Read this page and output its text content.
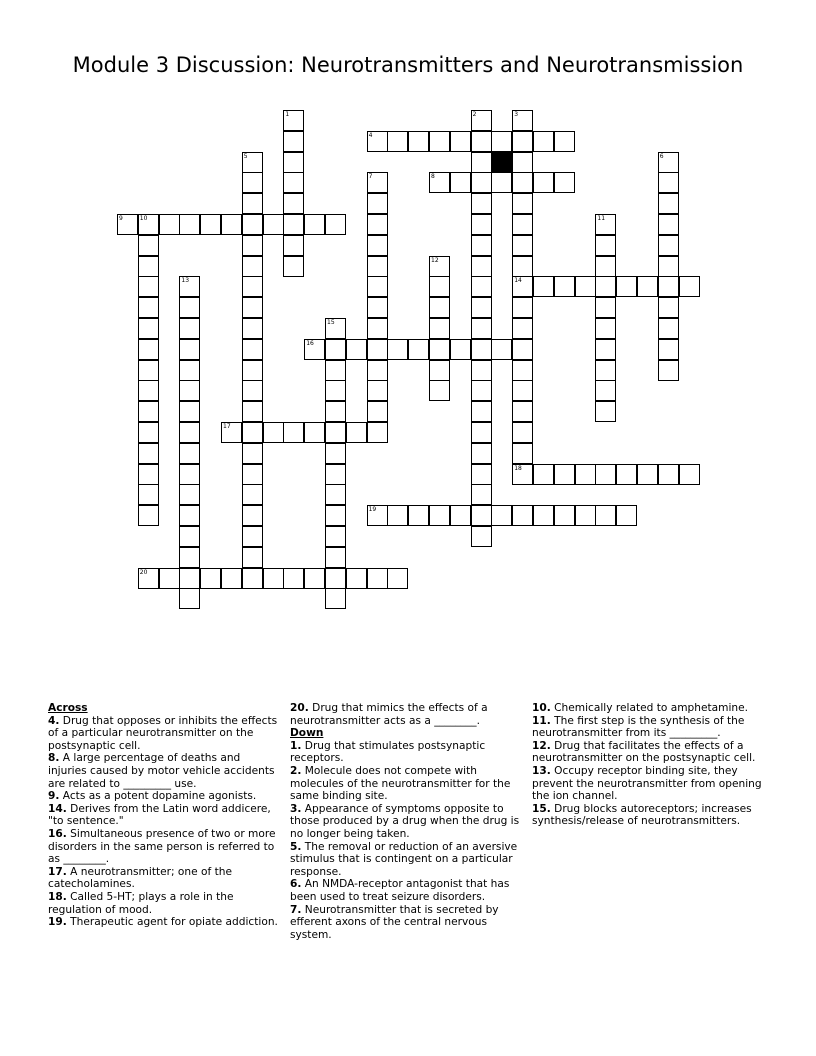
Module 3 Discussion: Neurotransmitters and Neurotransmission
1	2	3
14
18
4
5	6
7	8
9	10	11
12
13
15
16
17
19
20

Across

4. Drug that opposes or inhibits the effects of a particular neurotransmitter on the postsynaptic cell.

8. A large percentage of deaths and injuries caused by motor vehicle accidents are related to _________ use.

9. Acts as a potent dopamine agonists.

14. Derives from the Latin word addicere, "to sentence."

16. Simultaneous presence of two or more disorders in the same person is referred to as ________.

17. A neurotransmitter; one of the catecholamines.

18. Called 5-HT; plays a role in the regulation of mood.

19. Therapeutic agent for opiate addiction.

20. Drug that mimics the effects of a neurotransmitter acts as a ________.

Down

1. Drug that stimulates postsynaptic receptors.

2. Molecule does not compete with molecules of the neurotransmitter for the same binding site.

3. Appearance of symptoms opposite to those produced by a drug when the drug is no longer being taken.

5. The removal or reduction of an aversive stimulus that is contingent on a particular response.

6. An NMDA-receptor antagonist that has been used to treat seizure disorders.

7. Neurotransmitter that is secreted by efferent axons of the central nervous system.

10. Chemically related to amphetamine.

11. The first step is the synthesis of the neurotransmitter from its _________.

12. Drug that facilitates the effects of a neurotransmitter on the postsynaptic cell.

13. Occupy receptor binding site, they prevent the neurotransmitter from opening the ion channel.

15. Drug blocks autoreceptors; increases synthesis/release of neurotransmitters.
